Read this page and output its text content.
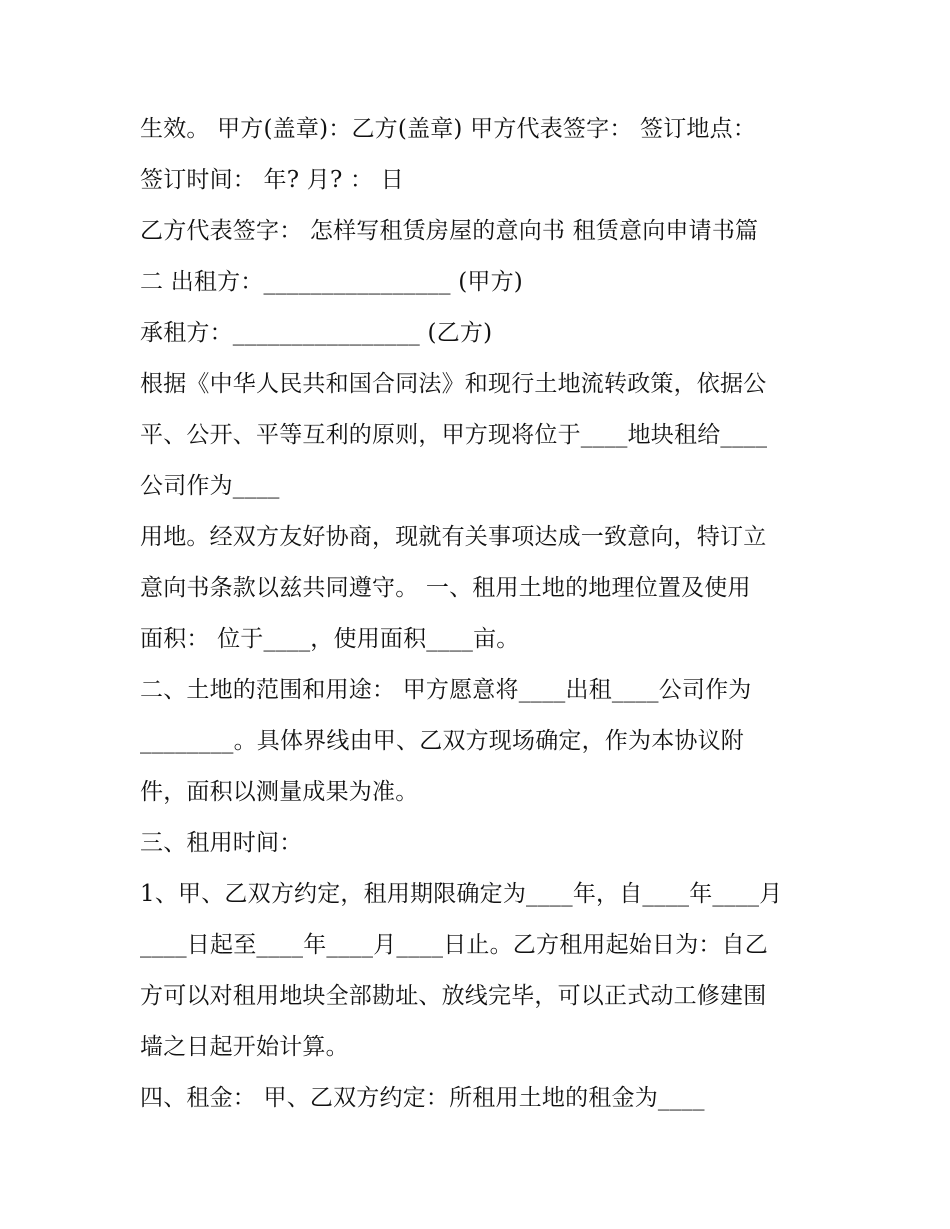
生效。 甲方(盖章)：乙方(盖章) 甲方代表签字： 签订地点：
签订时间： 年? 月? ： 日
乙方代表签字： 怎样写租赁房屋的意向书 租赁意向申请书篇
二 出租方：________________ (甲方)
承租方：________________ (乙方)
根据《中华人民共和国合同法》和现行土地流转政策，依据公
平、公开、平等互利的原则，甲方现将位于____地块租给____
公司作为____
用地。经双方友好协商，现就有关事项达成一致意向，特订立
意向书条款以兹共同遵守。 一、租用土地的地理位置及使用
面积： 位于____，使用面积____亩。
二、土地的范围和用途： 甲方愿意将____出租____公司作为
________。具体界线由甲、乙双方现场确定，作为本协议附
件，面积以测量成果为准。
三、租用时间：
1、甲、乙双方约定，租用期限确定为____年，自____年____月
____日起至____年____月____日止。乙方租用起始日为：自乙
方可以对租用地块全部勘址、放线完毕，可以正式动工修建围
墙之日起开始计算。
四、租金： 甲、乙双方约定：所租用土地的租金为____
